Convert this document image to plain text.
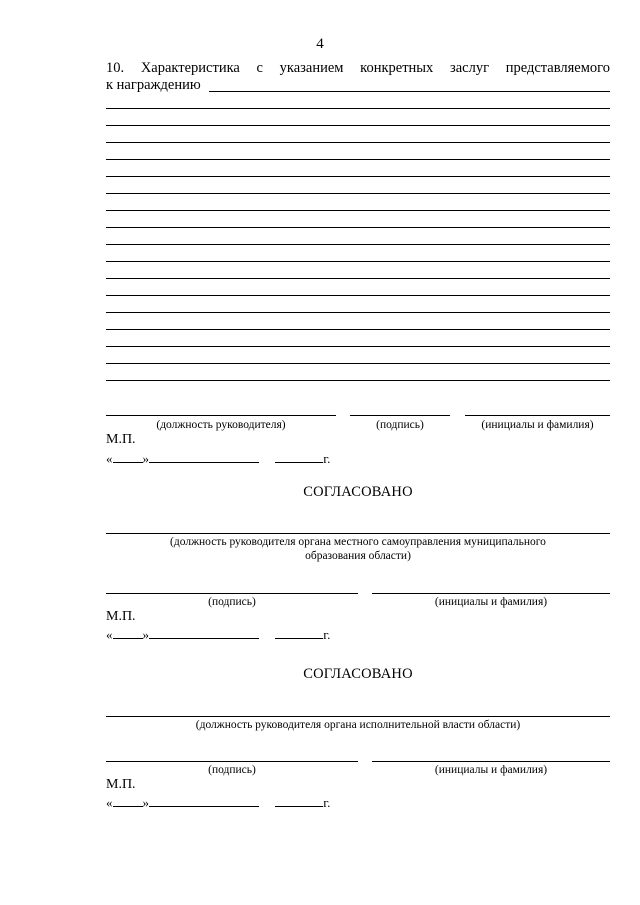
4
10. Характеристика с указанием конкретных заслуг представляемого
к награждению
(должность руководителя)	(подпись)	(инициалы и фамилия)
М.П.
« »	г.
СОГЛАСОВАНО
(должность руководителя органа местного самоуправления муниципального
образования области)
(подпись)	(инициалы и фамилия)
М.П.
« »	г.
СОГЛАСОВАНО
(должность руководителя органа исполнительной власти области)
(подпись)	(инициалы и фамилия)
М.П.
« »	г.
